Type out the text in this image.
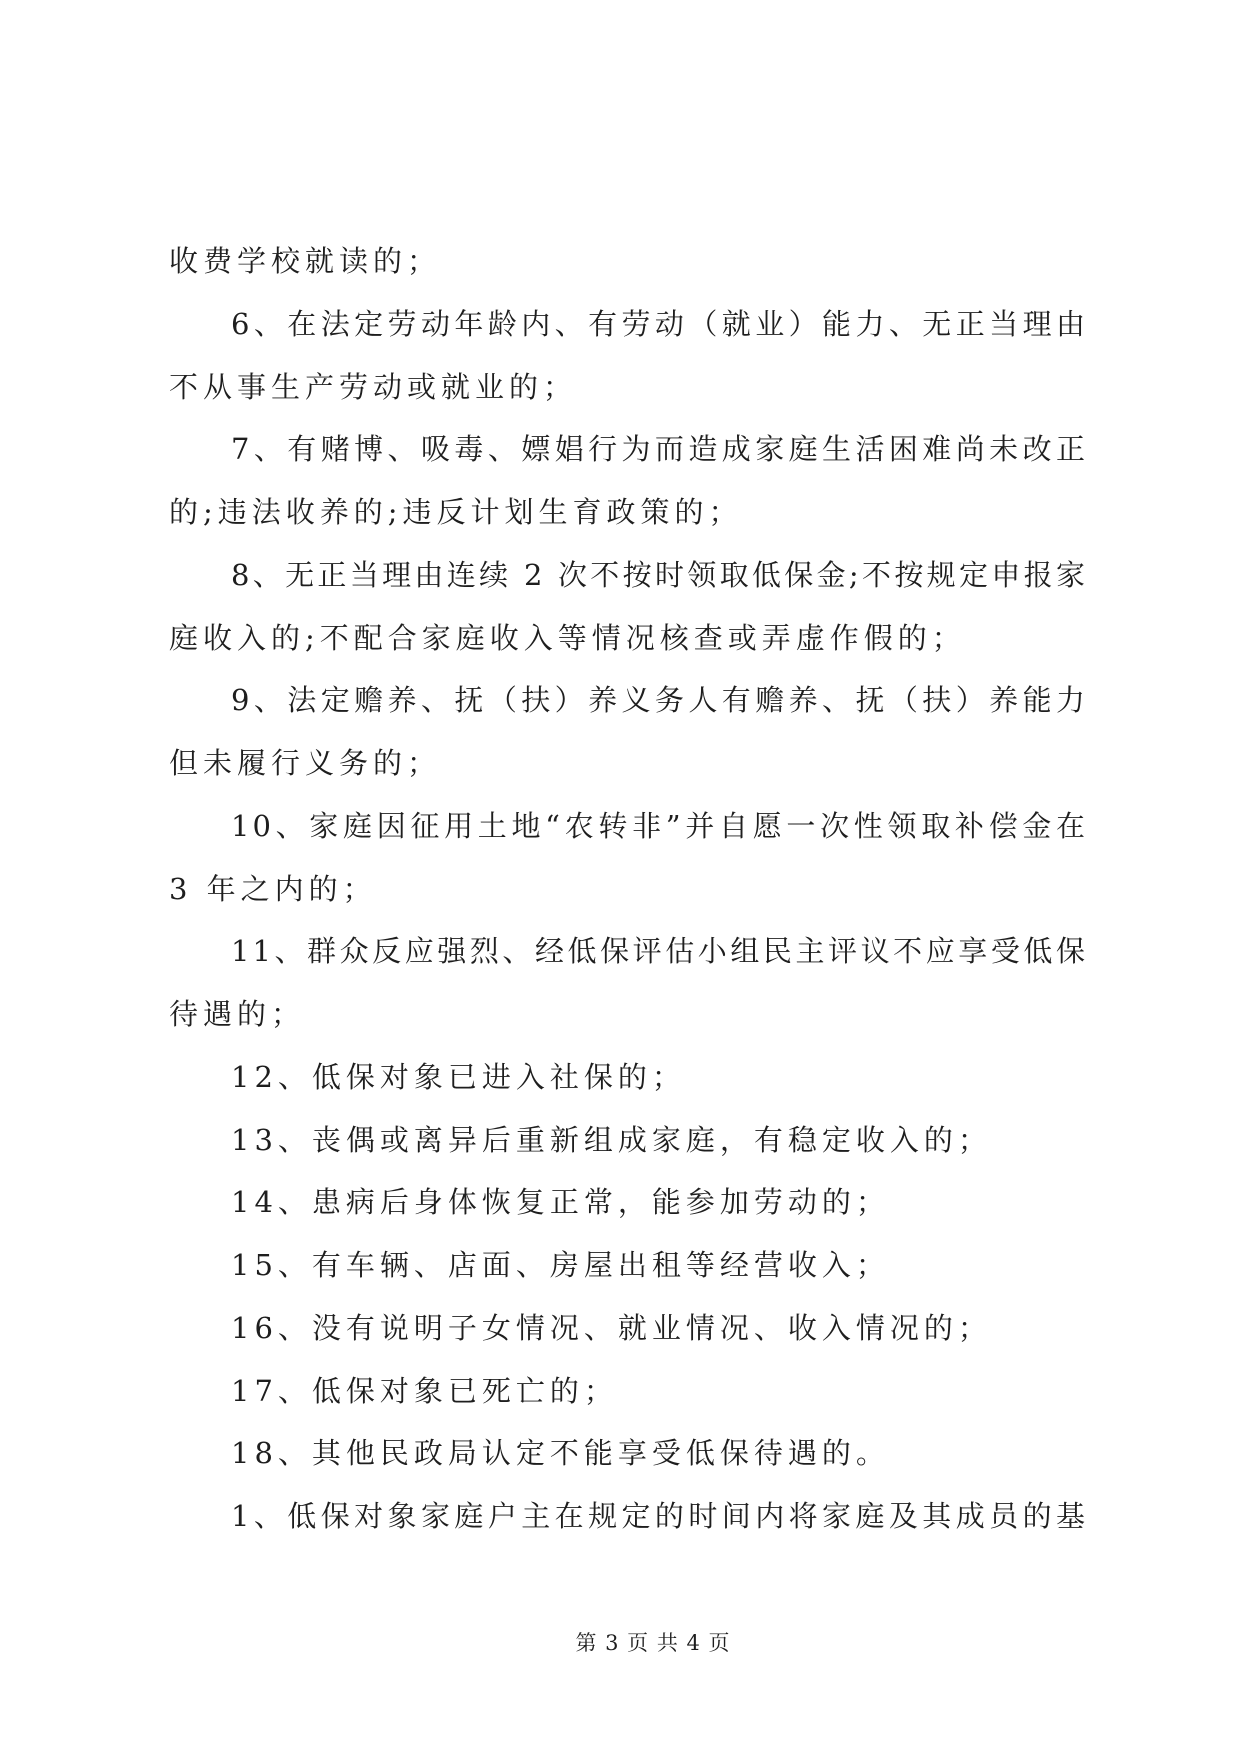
收费学校就读的；
6、在法定劳动年龄内、有劳动（就业）能力、无正当理由
不从事生产劳动或就业的；
7、有赌博、吸毒、嫖娼行为而造成家庭生活困难尚未改正
的;违法收养的;违反计划生育政策的；
8、无正当理由连续 2 次不按时领取低保金;不按规定申报家
庭收入的;不配合家庭收入等情况核查或弄虚作假的；
9、法定赡养、抚（扶）养义务人有赡养、抚（扶）养能力
但未履行义务的；
10、家庭因征用土地“农转非”并自愿一次性领取补偿金在
3 年之内的；
11、群众反应强烈、经低保评估小组民主评议不应享受低保
待遇的；
12、低保对象已进入社保的；
13、丧偶或离异后重新组成家庭，有稳定收入的；
14、患病后身体恢复正常，能参加劳动的；
15、有车辆、店面、房屋出租等经营收入；
16、没有说明子女情况、就业情况、收入情况的；
17、低保对象已死亡的；
18、其他民政局认定不能享受低保待遇的。
1、低保对象家庭户主在规定的时间内将家庭及其成员的基
第 3 页 共 4 页
